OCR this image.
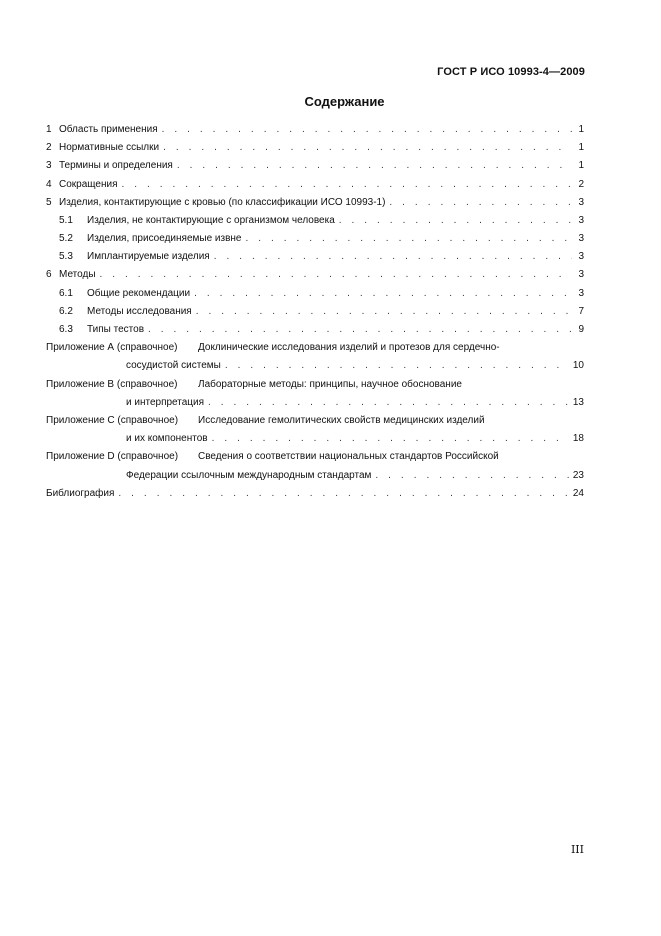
ГОСТ Р ИСО 10993-4—2009
Содержание
1 Область применения . . .	1
2 Нормативные ссылки . . .	1
3 Термины и определения . . .	1
4 Сокращения . . .	2
5 Изделия, контактирующие с кровью (по классификации ИСО 10993-1) . . .	3
5.1	Изделия, не контактирующие с организмом человека . . .	3
5.2	Изделия, присоединяемые извне . . .	3
5.3	Имплантируемые изделия . . .	3
6 Методы . . .	3
6.1	Общие рекомендации . . .	3
6.2	Методы исследования . . .	7
6.3	Типы тестов . . .	9
Приложение А (справочное)	Доклинические исследования изделий и протезов для сердечно-
сосудистой системы . . .	10
Приложение В (справочное)	Лабораторные методы: принципы, научное обоснование
и интерпретация . . .	13
Приложение С (справочное)	Исследование гемолитических свойств медицинских изделий
и их компонентов . . .	18
Приложение D (справочное)	Сведения о соответствии национальных стандартов Российской
Федерации ссылочным международным стандартам . . .	23
Библиография . . .	24
III
